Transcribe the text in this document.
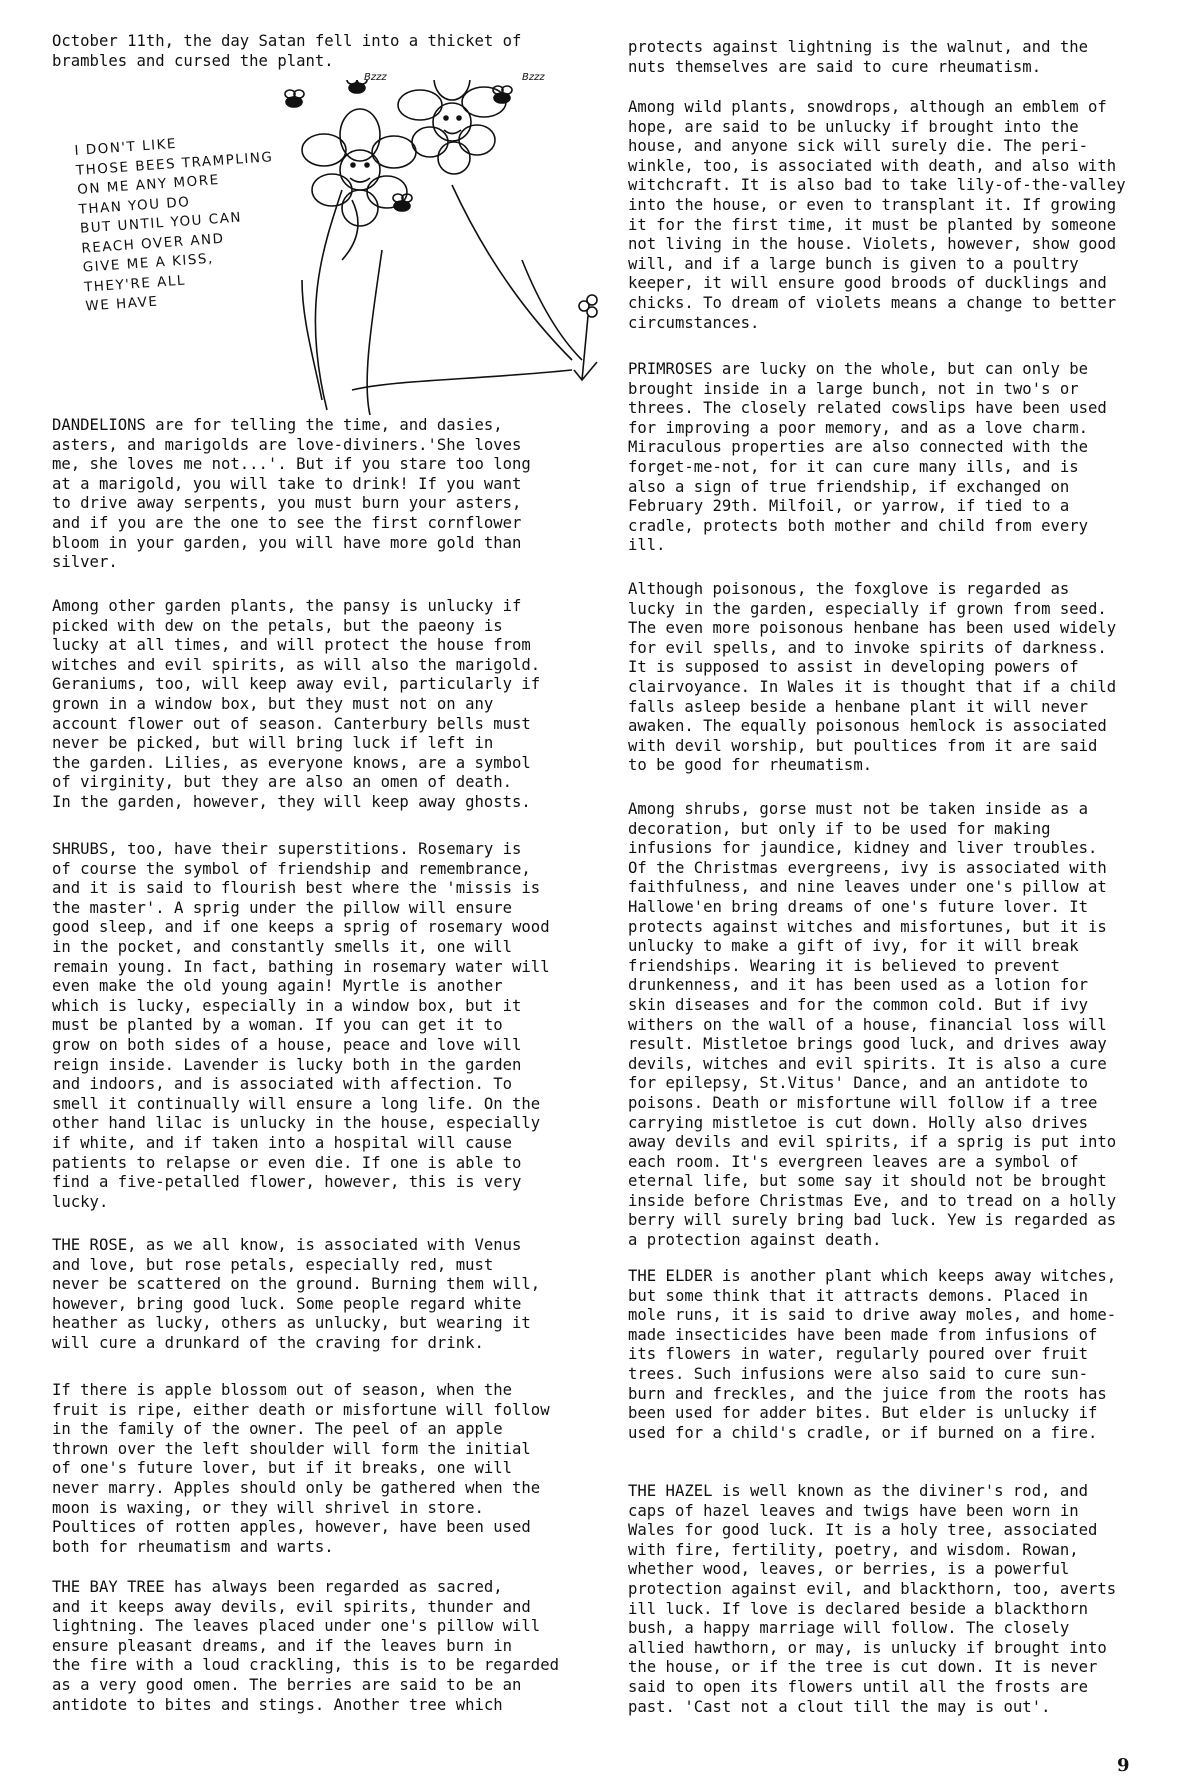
October 11th, the day Satan fell into a thicket of
brambles and cursed the plant.

DANDELIONS are for telling the time, and dasies,
asters, and marigolds are love-diviners.'She loves
me, she loves me not...'. But if you stare too long
at a marigold, you will take to drink! If you want
to drive away serpents, you must burn your asters,
and if you are the one to see the first cornflower
bloom in your garden, you will have more gold than
silver.

Among other garden plants, the pansy is unlucky if
picked with dew on the petals, but the paeony is
lucky at all times, and will protect the house from
witches and evil spirits, as will also the marigold.
Geraniums, too, will keep away evil, particularly if
grown in a window box, but they must not on any
account flower out of season. Canterbury bells must
never be picked, but will bring luck if left in
the garden. Lilies, as everyone knows, are a symbol
of virginity, but they are also an omen of death.
In the garden, however, they will keep away ghosts.

SHRUBS, too, have their superstitions. Rosemary is
of course the symbol of friendship and remembrance,
and it is said to flourish best where the 'missis is
the master'. A sprig under the pillow will ensure
good sleep, and if one keeps a sprig of rosemary wood
in the pocket, and constantly smells it, one will
remain young. In fact, bathing in rosemary water will
even make the old young again! Myrtle is another
which is lucky, especially in a window box, but it
must be planted by a woman. If you can get it to
grow on both sides of a house, peace and love will
reign inside. Lavender is lucky both in the garden
and indoors, and is associated with affection. To
smell it continually will ensure a long life. On the
other hand lilac is unlucky in the house, especially
if white, and if taken into a hospital will cause
patients to relapse or even die. If one is able to
find a five-petalled flower, however, this is very
lucky.

THE ROSE, as we all know, is associated with Venus
and love, but rose petals, especially red, must
never be scattered on the ground. Burning them will,
however, bring good luck. Some people regard white
heather as lucky, others as unlucky, but wearing it
will cure a drunkard of the craving for drink.

If there is apple blossom out of season, when the
fruit is ripe, either death or misfortune will follow
in the family of the owner. The peel of an apple
thrown over the left shoulder will form the initial
of one's future lover, but if it breaks, one will
never marry. Apples should only be gathered when the
moon is waxing, or they will shrivel in store.
Poultices of rotten apples, however, have been used
both for rheumatism and warts.

THE BAY TREE has always been regarded as sacred,
and it keeps away devils, evil spirits, thunder and
lightning. The leaves placed under one's pillow will
ensure pleasant dreams, and if the leaves burn in
the fire with a loud crackling, this is to be regarded
as a very good omen. The berries are said to be an
antidote to bites and stings. Another tree which

protects against lightning is the walnut, and the
nuts themselves are said to cure rheumatism.

Among wild plants, snowdrops, although an emblem of
hope, are said to be unlucky if brought into the
house, and anyone sick will surely die. The peri-
winkle, too, is associated with death, and also with
witchcraft. It is also bad to take lily-of-the-valley
into the house, or even to transplant it. If growing
it for the first time, it must be planted by someone
not living in the house. Violets, however, show good
will, and if a large bunch is given to a poultry
keeper, it will ensure good broods of ducklings and
chicks. To dream of violets means a change to better
circumstances.

PRIMROSES are lucky on the whole, but can only be
brought inside in a large bunch, not in two's or
threes. The closely related cowslips have been used
for improving a poor memory, and as a love charm.
Miraculous properties are also connected with the
forget-me-not, for it can cure many ills, and is
also a sign of true friendship, if exchanged on
February 29th. Milfoil, or yarrow, if tied to a
cradle, protects both mother and child from every
ill.

Although poisonous, the foxglove is regarded as
lucky in the garden, especially if grown from seed.
The even more poisonous henbane has been used widely
for evil spells, and to invoke spirits of darkness.
It is supposed to assist in developing powers of
clairvoyance. In Wales it is thought that if a child
falls asleep beside a henbane plant it will never
awaken. The equally poisonous hemlock is associated
with devil worship, but poultices from it are said
to be good for rheumatism.

Among shrubs, gorse must not be taken inside as a
decoration, but only if to be used for making
infusions for jaundice, kidney and liver troubles.
Of the Christmas evergreens, ivy is associated with
faithfulness, and nine leaves under one's pillow at
Hallowe'en bring dreams of one's future lover. It
protects against witches and misfortunes, but it is
unlucky to make a gift of ivy, for it will break
friendships. Wearing it is believed to prevent
drunkenness, and it has been used as a lotion for
skin diseases and for the common cold. But if ivy
withers on the wall of a house, financial loss will
result. Mistletoe brings good luck, and drives away
devils, witches and evil spirits. It is also a cure
for epilepsy, St.Vitus' Dance, and an antidote to
poisons. Death or misfortune will follow if a tree
carrying mistletoe is cut down. Holly also drives
away devils and evil spirits, if a sprig is put into
each room. It's evergreen leaves are a symbol of
eternal life, but some say it should not be brought
inside before Christmas Eve, and to tread on a holly
berry will surely bring bad luck. Yew is regarded as
a protection against death.

THE ELDER is another plant which keeps away witches,
but some think that it attracts demons. Placed in
mole runs, it is said to drive away moles, and home-
made insecticides have been made from infusions of
its flowers in water, regularly poured over fruit
trees. Such infusions were also said to cure sun-
burn and freckles, and the juice from the roots has
been used for adder bites. But elder is unlucky if
used for a child's cradle, or if burned on a fire.

THE HAZEL is well known as the diviner's rod, and
caps of hazel leaves and twigs have been worn in
Wales for good luck. It is a holy tree, associated
with fire, fertility, poetry, and wisdom. Rowan,
whether wood, leaves, or berries, is a powerful
protection against evil, and blackthorn, too, averts
ill luck. If love is declared beside a blackthorn
bush, a happy marriage will follow. The closely
allied hawthorn, or may, is unlucky if brought into
the house, or if the tree is cut down. It is never
said to open its flowers until all the frosts are
past. 'Cast not a clout till the may is out'.

I DON'T LIKE
THOSE BEES TRAMPLING
ON ME ANY MORE
THAN YOU DO
BUT UNTIL YOU CAN
REACH OVER AND
GIVE ME A KISS,
THEY'RE ALL
WE HAVE
Bzzz	Bzzz
9
